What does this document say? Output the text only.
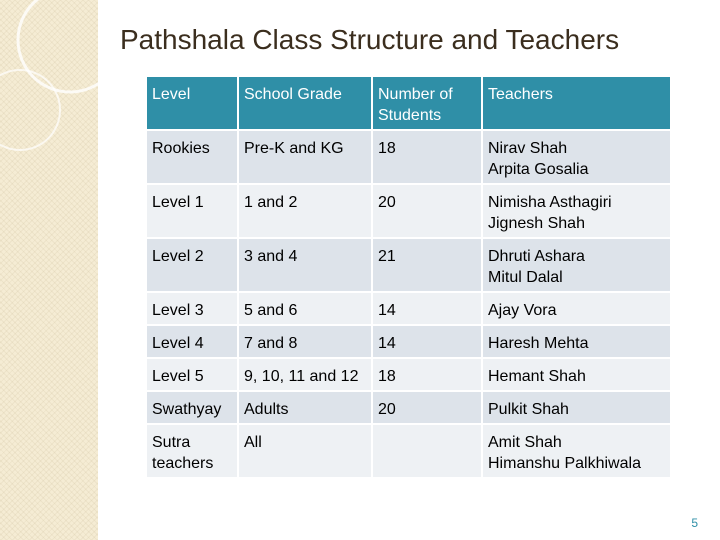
Pathshala Class Structure and Teachers
Level	School Grade	Number of Students	Teachers
Rookies	Pre-K and KG	18	Nirav Shah
Arpita Gosalia

Level 1	1 and 2	20	Nimisha Asthagiri
Jignesh Shah

Level 2	3 and 4	21	Dhruti Ashara
Mitul Dalal

Level 3	5 and 6	14	Ajay Vora

Level 4	7 and 8	14	Haresh Mehta

Level 5	9, 10, 11 and 12	18	Hemant Shah

Swathyay	Adults	20	Pulkit Shah

Sutra teachers	All		Amit Shah
Himanshu Palkhiwala
5
